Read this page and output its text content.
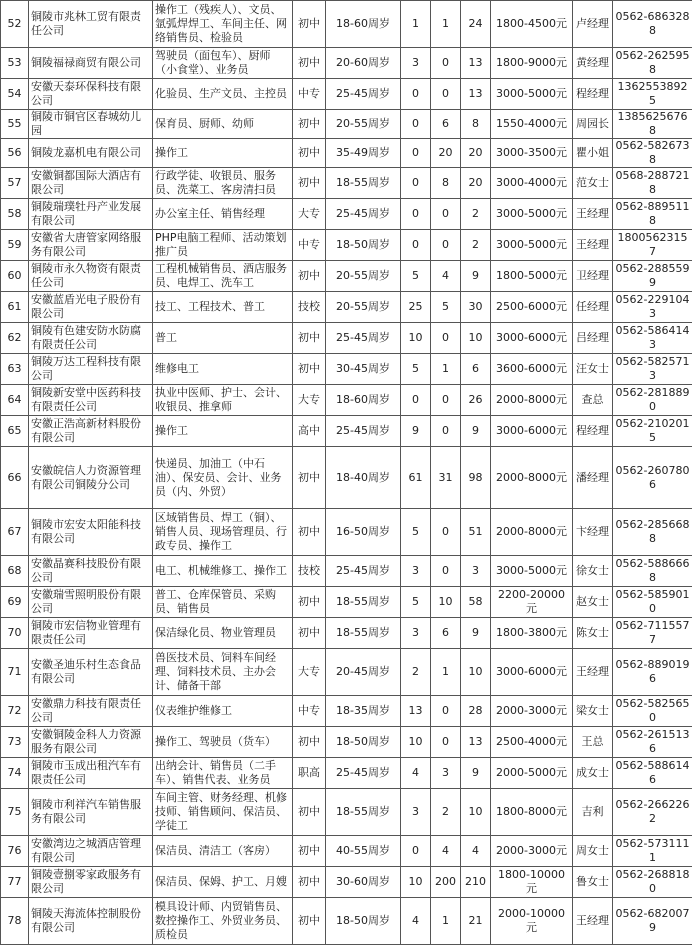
52	铜陵市兆林工贸有限责任公司	操作工（残疾人）、文员、氩弧焊焊工、车间主任、网络销售员、检验员	初中	18-60周岁	1	1	24	1800-4500元	卢经理	0562-6863288
53	铜陵福禄商贸有限公司	驾驶员（面包车）、厨师（小食堂）、业务员	初中	20-60周岁	3	0	13	1800-9000元	黄经理	0562-2625958
54	安徽天泰环保科技有限公司	化验员、生产文员、主控员	中专	25-45周岁	0	0	13	3000-5000元	程经理	13625538925
55	铜陵市铜官区春城幼儿园	保育员、厨师、幼师	初中	20-55周岁	0	6	8	1550-4000元	周园长	13856256768
56	铜陵龙嘉机电有限公司	操作工	初中	35-49周岁	0	20	20	3000-3500元	瞿小姐	0562-5826738
57	安徽铜都国际大酒店有限公司	行政学徒、收银员、服务员、洗菜工、客房清扫员	初中	18-55周岁	0	8	20	3000-4000元	范女士	0568-2887218
58	铜陵瑞璞牡丹产业发展有限公司	办公室主任、销售经理	大专	25-45周岁	0	0	2	3000-5000元	王经理	0562-8895118
59	安徽省大唐管家网络服务有限公司	PHP电脑工程师、活动策划推广员	中专	18-50周岁	0	0	2	3000-5000元	王经理	18005623157
60	铜陵市永久物资有限责任公司	工程机械销售员、酒店服务员、电焊工、洗车工	初中	20-55周岁	5	4	9	1800-5000元	卫经理	0562-2885599
61	安徽蓝盾光电子股份有限公司	技工、工程技术、普工	技校	20-55周岁	25	5	30	2500-6000元	任经理	0562-2291043
62	铜陵有色建安防水防腐有限责任公司	普工	初中	25-45周岁	10	0	10	3000-6000元	吕经理	0562-5864143
63	铜陵万达工程科技有限公司	维修电工	初中	30-45周岁	5	1	6	3600-6000元	汪女士	0562-5825713
64	铜陵新安堂中医药科技有限责任公司	执业中医师、护士、会计、收银员、推拿师	大专	18-60周岁	0	0	26	2000-8000元	查总	0562-2818890
65	安徽正浩高新材料股份有限公司	操作工	高中	25-45周岁	9	0	9	3000-6000元	程经理	0562-2102015
66	安徽皖信人力资源管理有限公司铜陵分公司	快递员、加油工（中石油）、保安员、会计、业务员（内、外贸）	初中	18-40周岁	61	31	98	2000-8000元	潘经理	0562-2607806
67	铜陵市宏安太阳能科技有限公司	区域销售员、焊工（铜）、销售人员、现场管理员、行政专员、操作工	初中	16-50周岁	5	0	51	2000-8000元	卞经理	0562-2856688
68	安徽晶赛科技股份有限公司	电工、机械维修工、操作工	技校	25-45周岁	3	0	3	3000-5000元	徐女士	0562-5886668
69	安徽瑞雪照明股份有限公司	普工、仓库保管员、采购员、销售员	初中	18-55周岁	5	10	58	2200-20000元	赵女士	0562-5859010
70	铜陵市宏信物业管理有限责任公司	保洁绿化员、物业管理员	初中	18-55周岁	3	6	9	1800-3800元	陈女士	0562-7115577
71	安徽圣迪乐村生态食品有限公司	兽医技术员、饲料车间经理、饲料技术员、主办会计、储备干部	大专	20-45周岁	2	1	10	3000-6000元	王经理	0562-8890196
72	安徽鼎力科技有限责任公司	仪表维护维修工	中专	18-35周岁	13	0	28	2000-3000元	梁女士	0562-5825650
73	安徽铜陵金科人力资源服务有限公司	操作工、驾驶员（货车）	初中	18-50周岁	10	0	13	2500-4000元	王总	0562-2615136
74	铜陵市玉成出租汽车有限责任公司	出纳会计、销售员（二手车）、销售代表、业务员	职高	25-45周岁	4	3	9	2000-5000元	成女士	0562-5886146
75	铜陵市利祥汽车销售服务有限公司	车间主管、财务经理、机修技师、销售顾问、保洁员、学徒工	初中	18-55周岁	3	2	10	1800-8000元	吉利	0562-2662262
76	安徽湾边之城酒店管理有限公司	保洁员、清洁工（客房）	初中	40-55周岁	0	4	4	2000-3000元	周女士	0562-5731111
77	铜陵壹捌零家政服务有限公司	保洁员、保姆、护工、月嫂	初中	30-60周岁	10	200	210	1800-10000元	鲁女士	0562-2688180
78	铜陵天海流体控制股份有限公司	模具设计师、内贸销售员、数控操作工、外贸业务员、质检员	初中	18-50周岁	4	1	21	2000-10000元	王经理	0562-6820079
